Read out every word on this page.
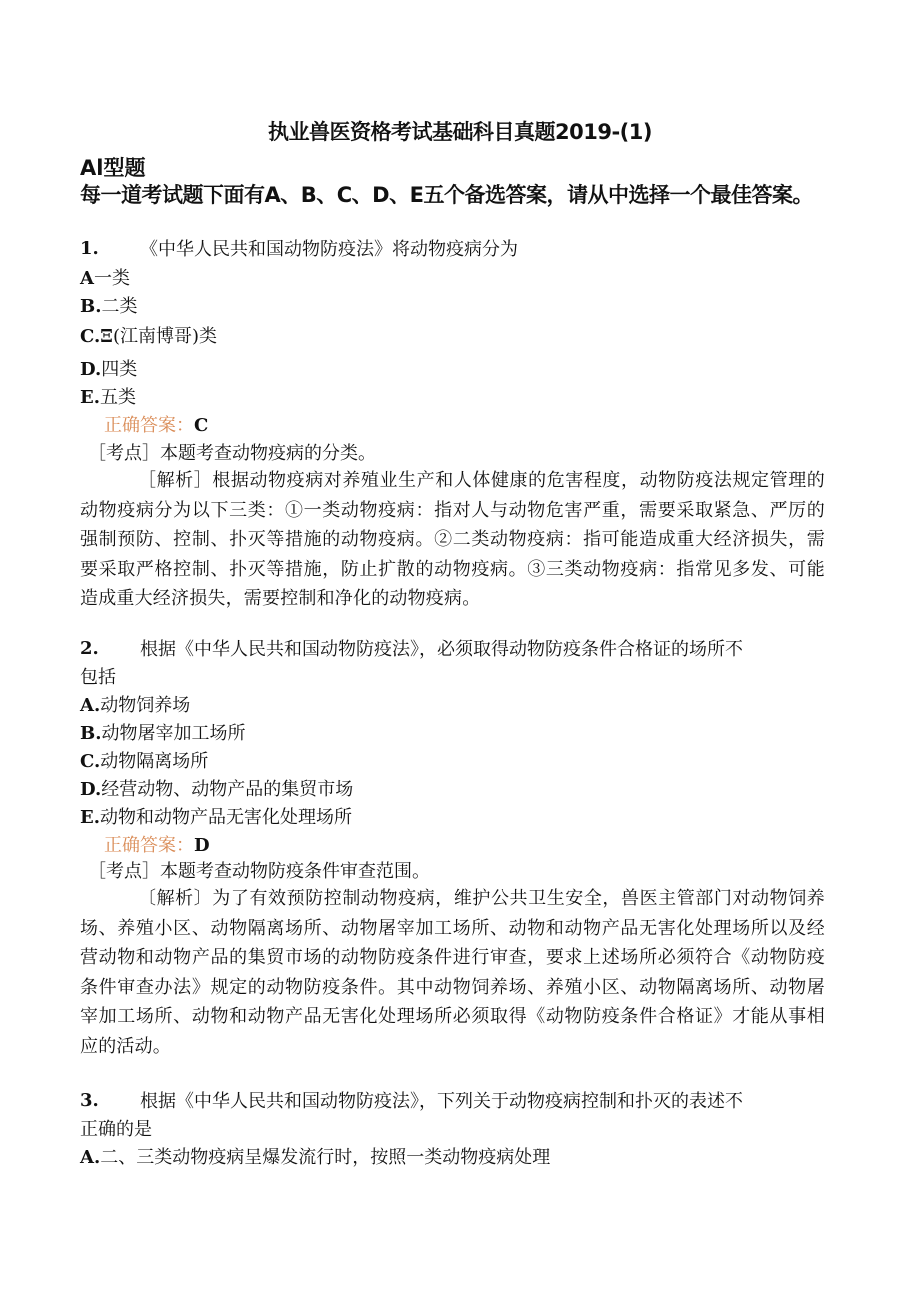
执业兽医资格考试基础科目真题2019-(1)
Al型题
每一道考试题下面有A、B、C、D、E五个备选答案，请从中选择一个最佳答案。
1. 《中华人民共和国动物防疫法》将动物疫病分为
A一类
B.二类
C.Ξ(江南博哥)类
D.四类
E.五类
正确答案：C
［考点］本题考查动物疫病的分类。
［解析］根据动物疫病对养殖业生产和人体健康的危害程度，动物防疫法规定管理的动物疫病分为以下三类：①一类动物疫病：指对人与动物危害严重，需要采取紧急、严厉的强制预防、控制、扑灭等措施的动物疫病。②二类动物疫病：指可能造成重大经济损失，需要采取严格控制、扑灭等措施，防止扩散的动物疫病。③三类动物疫病：指常见多发、可能造成重大经济损失，需要控制和净化的动物疫病。
2. 根据《中华人民共和国动物防疫法》，必须取得动物防疫条件合格证的场所不
包括
A.动物饲养场
B.动物屠宰加工场所
C.动物隔离场所
D.经营动物、动物产品的集贸市场
E.动物和动物产品无害化处理场所
正确答案：D
［考点］本题考查动物防疫条件审查范围。
〔解析〕为了有效预防控制动物疫病，维护公共卫生安全，兽医主管部门对动物饲养场、养殖小区、动物隔离场所、动物屠宰加工场所、动物和动物产品无害化处理场所以及经营动物和动物产品的集贸市场的动物防疫条件进行审查，要求上述场所必须符合《动物防疫条件审查办法》规定的动物防疫条件。其中动物饲养场、养殖小区、动物隔离场所、动物屠宰加工场所、动物和动物产品无害化处理场所必须取得《动物防疫条件合格证》才能从事相应的活动。
3. 根据《中华人民共和国动物防疫法》，下列关于动物疫病控制和扑灭的表述不
正确的是
A.二、三类动物疫病呈爆发流行时，按照一类动物疫病处理
